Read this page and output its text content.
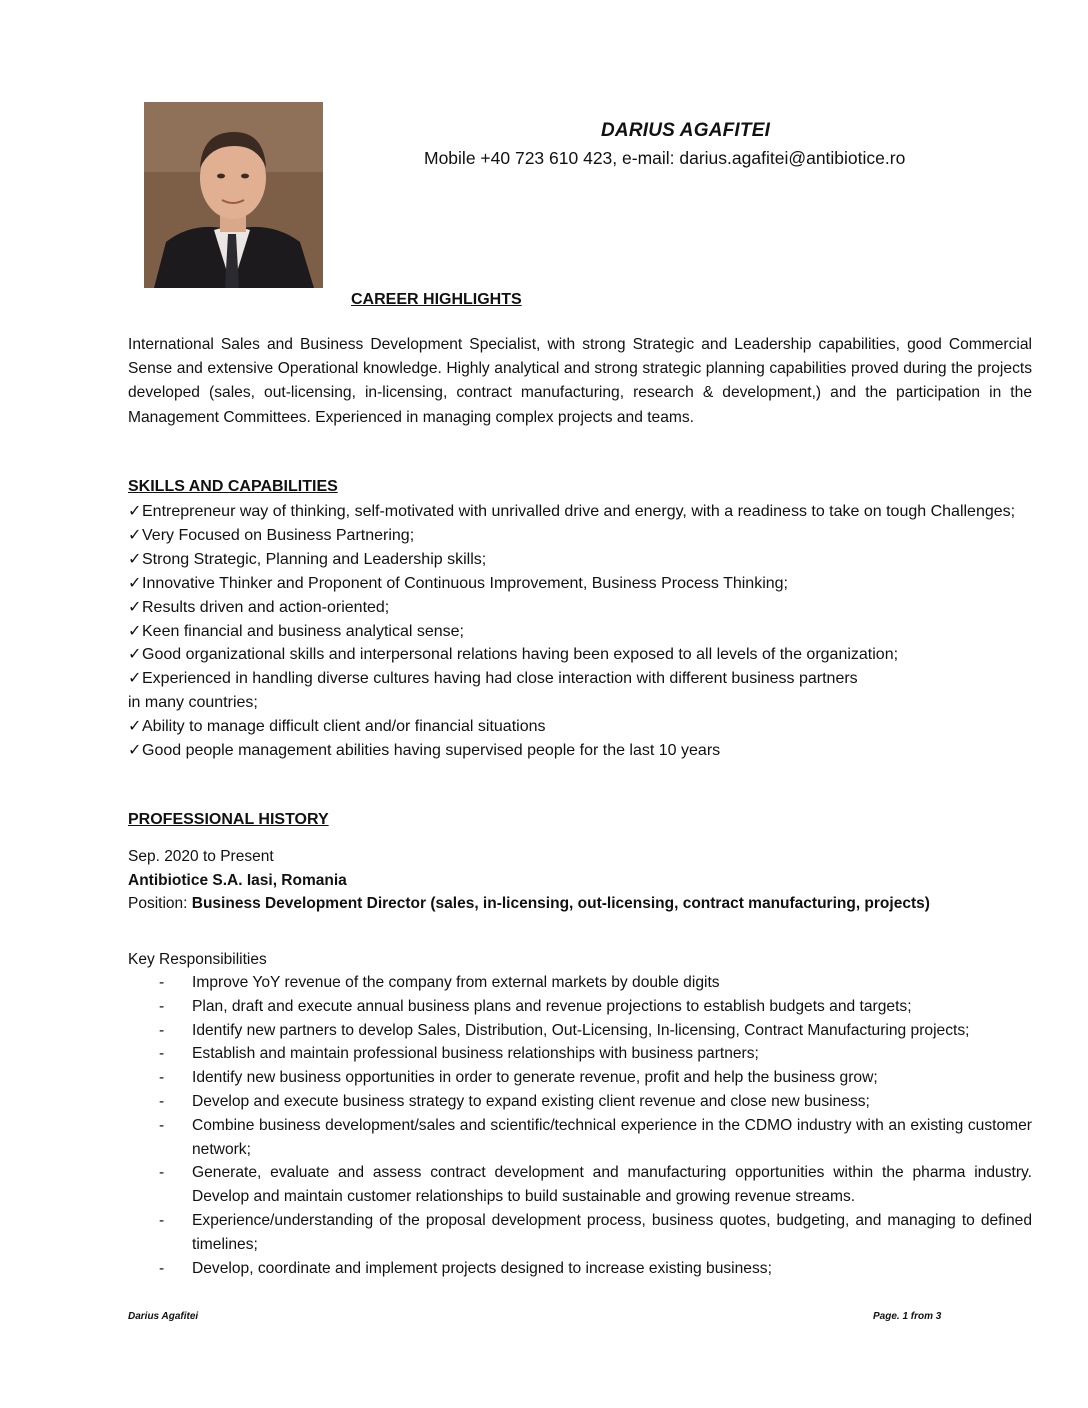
DARIUS AGAFITEI
Mobile +40 723 610 423, e-mail: darius.agafitei@antibiotice.ro
CAREER HIGHLIGHTS

International Sales and Business Development Specialist, with strong Strategic and Leadership capabilities, good Commercial Sense and extensive Operational knowledge. Highly analytical and strong strategic planning capabilities proved during the projects developed (sales, out-licensing, in-licensing, contract manufacturing, research & development,) and the participation in the Management Committees. Experienced in managing complex projects and teams.

SKILLS AND CAPABILITIES
✓Entrepreneur way of thinking, self-motivated with unrivalled drive and energy, with a readiness to take on tough Challenges;
✓Very Focused on Business Partnering;
✓Strong Strategic, Planning and Leadership skills;
✓Innovative Thinker and Proponent of Continuous Improvement, Business Process Thinking;
✓Results driven and action-oriented;
✓Keen financial and business analytical sense;
✓Good organizational skills and interpersonal relations having been exposed to all levels of the organization;
✓Experienced in handling diverse cultures having had close interaction with different business partners
in many countries;
✓Ability to manage difficult client and/or financial situations
✓Good people management abilities having supervised people for the last 10 years
PROFESSIONAL HISTORY
Sep. 2020 to Present
Antibiotice S.A. Iasi, Romania
Position: Business Development Director (sales, in-licensing, out-licensing, contract manufacturing, projects)
Key Responsibilities
- Improve YoY revenue of the company from external markets by double digits
- Plan, draft and execute annual business plans and revenue projections to establish budgets and targets;
- Identify new partners to develop Sales, Distribution, Out-Licensing, In-licensing, Contract Manufacturing projects;
- Establish and maintain professional business relationships with business partners;
- Identify new business opportunities in order to generate revenue, profit and help the business grow;
- Develop and execute business strategy to expand existing client revenue and close new business;
- Combine business development/sales and scientific/technical experience in the CDMO industry with an existing customer network;
- Generate, evaluate and assess contract development and manufacturing opportunities within the pharma industry. Develop and maintain customer relationships to build sustainable and growing revenue streams.
- Experience/understanding of the proposal development process, business quotes, budgeting, and managing to defined timelines;
- Develop, coordinate and implement projects designed to increase existing business;
Darius Agafitei	Page. 1 from 3
